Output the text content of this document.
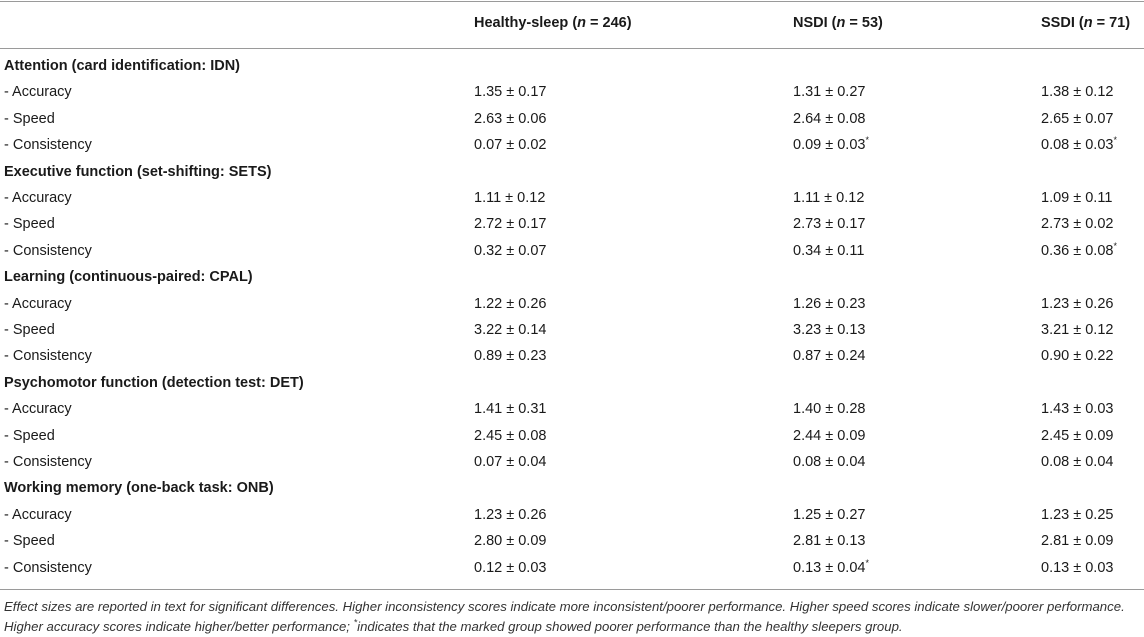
Healthy-sleep (n = 246)	NSDI (n = 53)	SSDI (n = 71)
Attention (card identification: IDN)
- Accuracy	1.35 ± 0.17	1.31 ± 0.27	1.38 ± 0.12
- Speed	2.63 ± 0.06	2.64 ± 0.08	2.65 ± 0.07
- Consistency	0.07 ± 0.02	0.09 ± 0.03*	0.08 ± 0.03*
Executive function (set-shifting: SETS)
- Accuracy	1.11 ± 0.12	1.11 ± 0.12	1.09 ± 0.11
- Speed	2.72 ± 0.17	2.73 ± 0.17	2.73 ± 0.02
- Consistency	0.32 ± 0.07	0.34 ± 0.11	0.36 ± 0.08*
Learning (continuous-paired: CPAL)
- Accuracy	1.22 ± 0.26	1.26 ± 0.23	1.23 ± 0.26
- Speed	3.22 ± 0.14	3.23 ± 0.13	3.21 ± 0.12
- Consistency	0.89 ± 0.23	0.87 ± 0.24	0.90 ± 0.22
Psychomotor function (detection test: DET)
- Accuracy	1.41 ± 0.31	1.40 ± 0.28	1.43 ± 0.03
- Speed	2.45 ± 0.08	2.44 ± 0.09	2.45 ± 0.09
- Consistency	0.07 ± 0.04	0.08 ± 0.04	0.08 ± 0.04
Working memory (one-back task: ONB)
- Accuracy	1.23 ± 0.26	1.25 ± 0.27	1.23 ± 0.25
- Speed	2.80 ± 0.09	2.81 ± 0.13	2.81 ± 0.09
- Consistency	0.12 ± 0.03	0.13 ± 0.04*	0.13 ± 0.03
Effect sizes are reported in text for significant differences. Higher inconsistency scores indicate more inconsistent/poorer performance. Higher speed scores indicate slower/poorer performance. Higher accuracy scores indicate higher/better performance; *indicates that the marked group showed poorer performance than the healthy sleepers group.
